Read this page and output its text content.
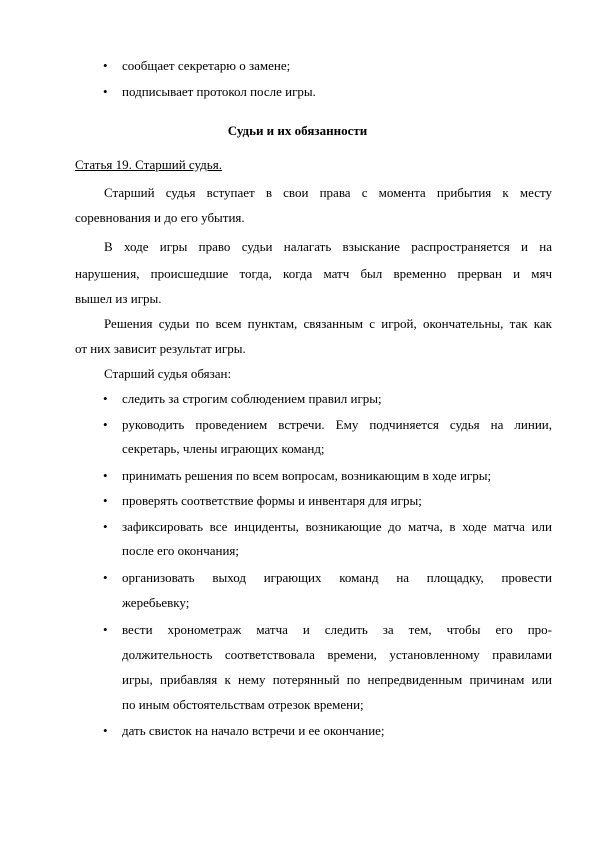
• сообщает секретарю о замене;
• подписывает протокол после игры.
Судьи и их обязанности
Статья 19. Старший судья.
Старший судья вступает в свои права с момента прибытия к месту
соревнования и до его убытия.
В ходе игры право судьи налагать взыскание распространяется и на
нарушения, происшедшие тогда, когда матч был временно прерван и мяч
вышел из игры.
Решения судьи по всем пунктам, связанным с игрой, окончательны, так как
от них зависит результат игры.
Старший судья обязан:
• следить за строгим соблюдением правил игры;
• руководить проведением встречи. Ему подчиняется судья на линии,
секретарь, члены играющих команд;
• принимать решения по всем вопросам, возникающим в ходе игры;
• проверять соответствие формы и инвентаря для игры;
• зафиксировать все инциденты, возникающие до матча, в ходе матча или
после его окончания;
• организовать выход играющих команд на площадку, провести
жеребьевку;
• вести хронометраж матча и следить за тем, чтобы его про-
должительность соответствовала времени, установленному правилами
игры, прибавляя к нему потерянный по непредвиденным причинам или
по иным обстоятельствам отрезок времени;
• дать свисток на начало встречи и ее окончание;
